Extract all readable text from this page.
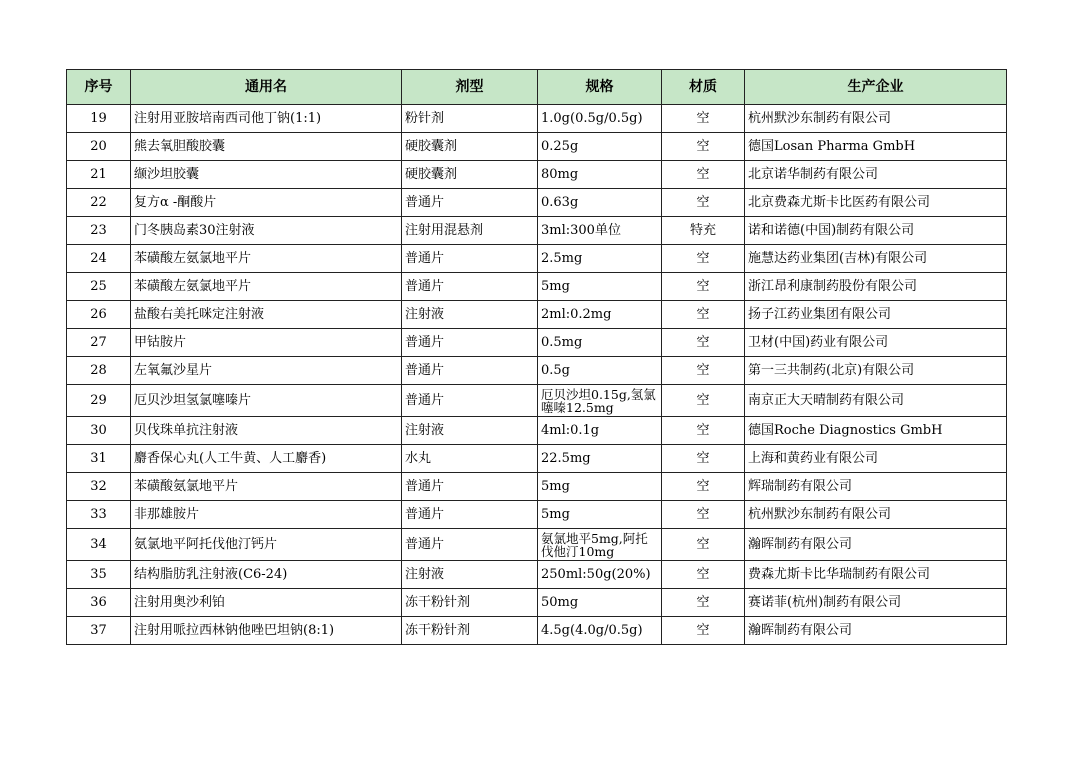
序号	通用名	剂型	规格	材质	生产企业
19	注射用亚胺培南西司他丁钠(1:1)	粉针剂	1.0g(0.5g/0.5g)	空	杭州默沙东制药有限公司
20	熊去氧胆酸胶囊	硬胶囊剂	0.25g	空	德国Losan Pharma GmbH
21	缬沙坦胶囊	硬胶囊剂	80mg	空	北京诺华制药有限公司
22	复方α -酮酸片	普通片	0.63g	空	北京费森尤斯卡比医药有限公司
23	门冬胰岛素30注射液	注射用混悬剂	3ml:300单位	特充	诺和诺德(中国)制药有限公司
24	苯磺酸左氨氯地平片	普通片	2.5mg	空	施慧达药业集团(吉林)有限公司
25	苯磺酸左氨氯地平片	普通片	5mg	空	浙江昂利康制药股份有限公司
26	盐酸右美托咪定注射液	注射液	2ml:0.2mg	空	扬子江药业集团有限公司
27	甲钴胺片	普通片	0.5mg	空	卫材(中国)药业有限公司
28	左氧氟沙星片	普通片	0.5g	空	第一三共制药(北京)有限公司
29	厄贝沙坦氢氯噻嗪片	普通片	厄贝沙坦0.15g,氢氯噻嗪12.5mg	空	南京正大天晴制药有限公司
30	贝伐珠单抗注射液	注射液	4ml:0.1g	空	德国Roche Diagnostics GmbH
31	麝香保心丸(人工牛黄、人工麝香)	水丸	22.5mg	空	上海和黄药业有限公司
32	苯磺酸氨氯地平片	普通片	5mg	空	辉瑞制药有限公司
33	非那雄胺片	普通片	5mg	空	杭州默沙东制药有限公司
34	氨氯地平阿托伐他汀钙片	普通片	氨氯地平5mg,阿托伐他汀10mg	空	瀚晖制药有限公司
35	结构脂肪乳注射液(C6-24)	注射液	250ml:50g(20%)	空	费森尤斯卡比华瑞制药有限公司
36	注射用奥沙利铂	冻干粉针剂	50mg	空	赛诺菲(杭州)制药有限公司
37	注射用哌拉西林钠他唑巴坦钠(8:1)	冻干粉针剂	4.5g(4.0g/0.5g)	空	瀚晖制药有限公司
